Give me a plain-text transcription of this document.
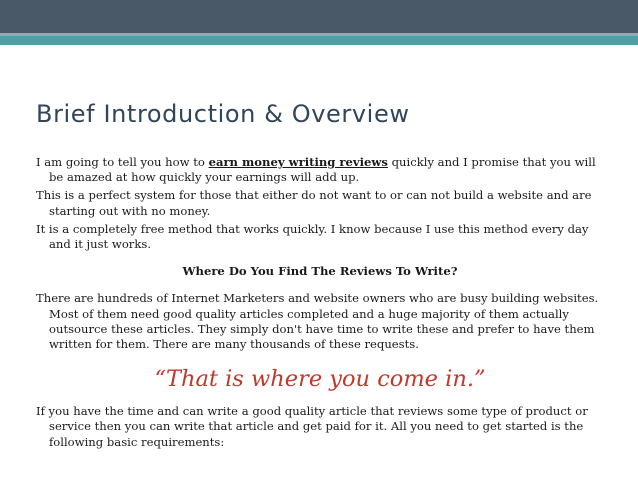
Brief Introduction & Overview

I am going to tell you how to earn money writing reviews quickly and I promise that you will be amazed at how quickly your earnings will add up.

This is a perfect system for those that either do not want to or can not build a website and are starting out with no money.

It is a completely free method that works quickly. I know because I use this method every day and it just works.

Where Do You Find The Reviews To Write?

There are hundreds of Internet Marketers and website owners who are busy building websites. Most of them need good quality articles completed and a huge majority of them actually outsource these articles. They simply don't have time to write these and prefer to have them written for them. There are many thousands of these requests.

“That is where you come in.”

If you have the time and can write a good quality article that reviews some type of product or service then you can write that article and get paid for it. All you need to get started is the following basic requirements:
